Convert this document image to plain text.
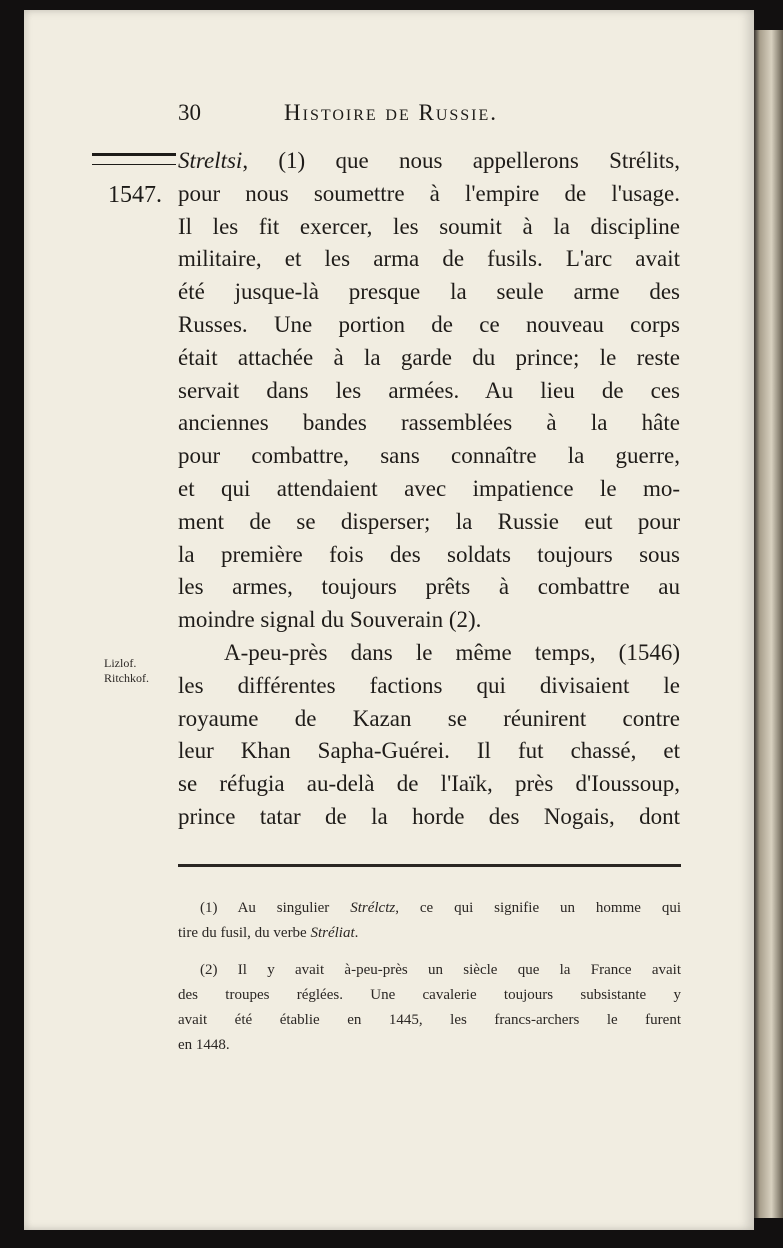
30	Histoire de Russie.
1547.
Lizlof.
Ritchkof.
Streltsi, (1) que nous appellerons Strélits,
pour nous soumettre à l'empire de l'usage.
Il les fit exercer, les soumit à la discipline
militaire, et les arma de fusils. L'arc avait
été jusque-là presque la seule arme des
Russes. Une portion de ce nouveau corps
était attachée à la garde du prince; le reste
servait dans les armées. Au lieu de ces
anciennes bandes rassemblées à la hâte
pour combattre, sans connaître la guerre,
et qui attendaient avec impatience le mo-
ment de se disperser; la Russie eut pour
la première fois des soldats toujours sous
les armes, toujours prêts à combattre au
moindre signal du Souverain (2).
A-peu-près dans le même temps, (1546)
les différentes factions qui divisaient le
royaume de Kazan se réunirent contre
leur Khan Sapha-Guérei. Il fut chassé, et
se réfugia au-delà de l'Iaïk, près d'Ioussoup,
prince tatar de la horde des Nogais, dont
(1) Au singulier Strélctz, ce qui signifie un homme qui
tire du fusil, du verbe Stréliat.
(2) Il y avait à-peu-près un siècle que la France avait
des troupes réglées. Une cavalerie toujours subsistante y
avait été établie en 1445, les francs-archers le furent
en 1448.
